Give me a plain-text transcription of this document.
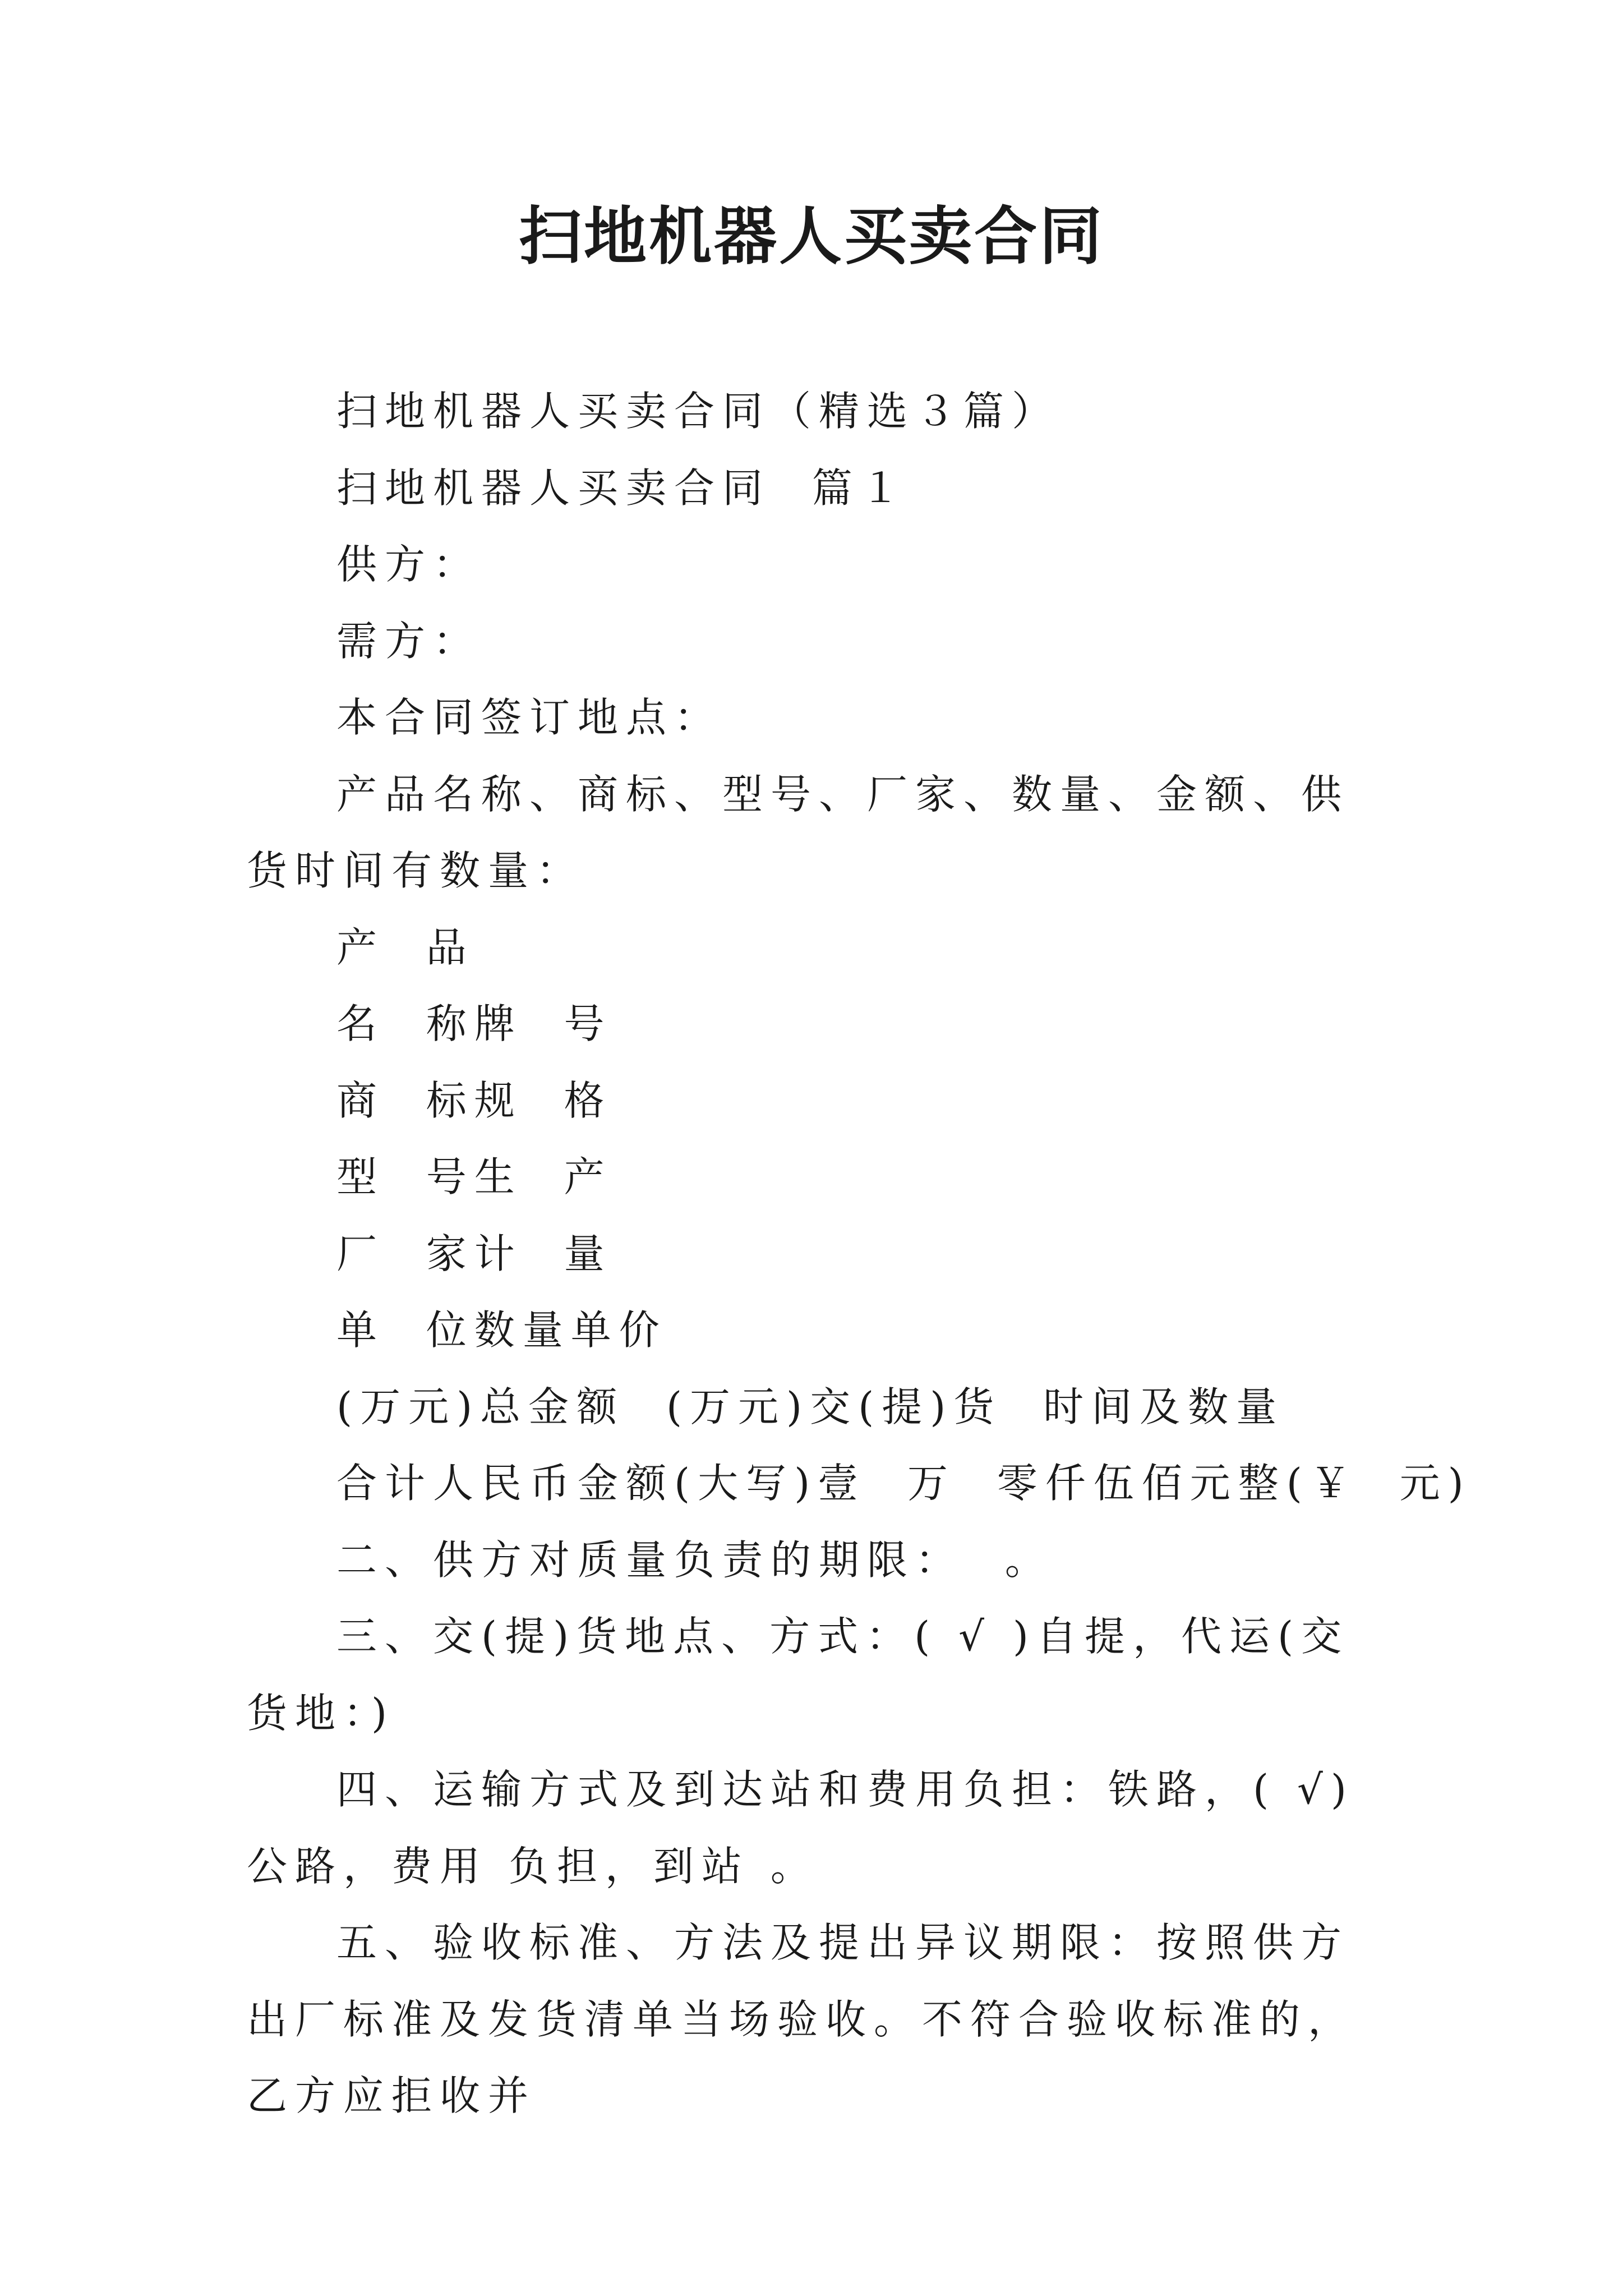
扫地机器人买卖合同

扫地机器人买卖合同（精选３篇）

扫地机器人买卖合同  篇１

供方：

需方：

本合同签订地点：

产品名称、商标、型号、厂家、数量、金额、供货时间有数量：

产  品

名  称牌  号

商  标规  格

型  号生  产

厂  家计  量

单  位数量单价

(万元)总金额  (万元)交(提)货  时间及数量

合计人民币金额(大写)壹  万  零仟伍佰元整(￥  元)

二、供方对质量负责的期限：  。

三、交(提)货地点、方式：( √ )自提，代运(交货地：)

四、运输方式及到达站和费用负担：铁路，( √)公路，费用 负担，到站 。

五、验收标准、方法及提出异议期限：按照供方出厂标准及发货清单当场验收。不符合验收标准的，乙方应拒收并
